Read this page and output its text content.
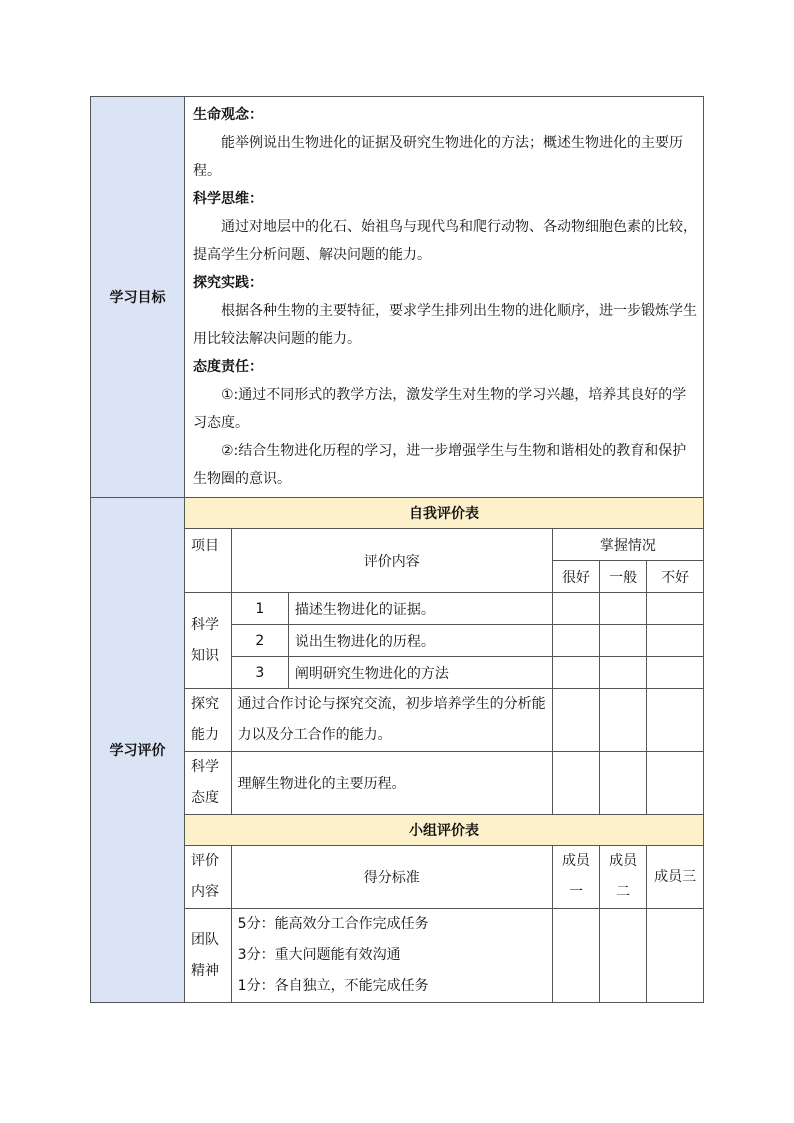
学习目标	
生命观念：
能举例说出生物进化的证据及研究生物进化的方法；概述生物进化的主要历程。
科学思维：
通过对地层中的化石、始祖鸟与现代鸟和爬行动物、各动物细胞色素的比较，提高学生分析问题、解决问题的能力。
探究实践：
根据各种生物的主要特征，要求学生排列出生物的进化顺序，进一步锻炼学生用比较法解决问题的能力。
态度责任：
①:通过不同形式的教学方法，激发学生对生物的学习兴趣，培养其良好的学习态度。
②:结合生物进化历程的学习，进一步增强学生与生物和谐相处的教育和保护生物圈的意识。

学习评价	
自我评价表
项目	评价内容	掌握情况
很好	一般	不好
科学知识	1	描述生物进化的证据。			
2	说出生物进化的历程。			
3	阐明研究生物进化的方法			
探究能力	通过合作讨论与探究交流，初步培养学生的分析能力以及分工合作的能力。			
科学态度	理解生物进化的主要历程。			
小组评价表
评价内容	得分标准	成员一	成员二	成员三
团队精神	
5分：能高效分工合作完成任务
3分：重大问题能有效沟通
1分：各自独立，不能完成任务
